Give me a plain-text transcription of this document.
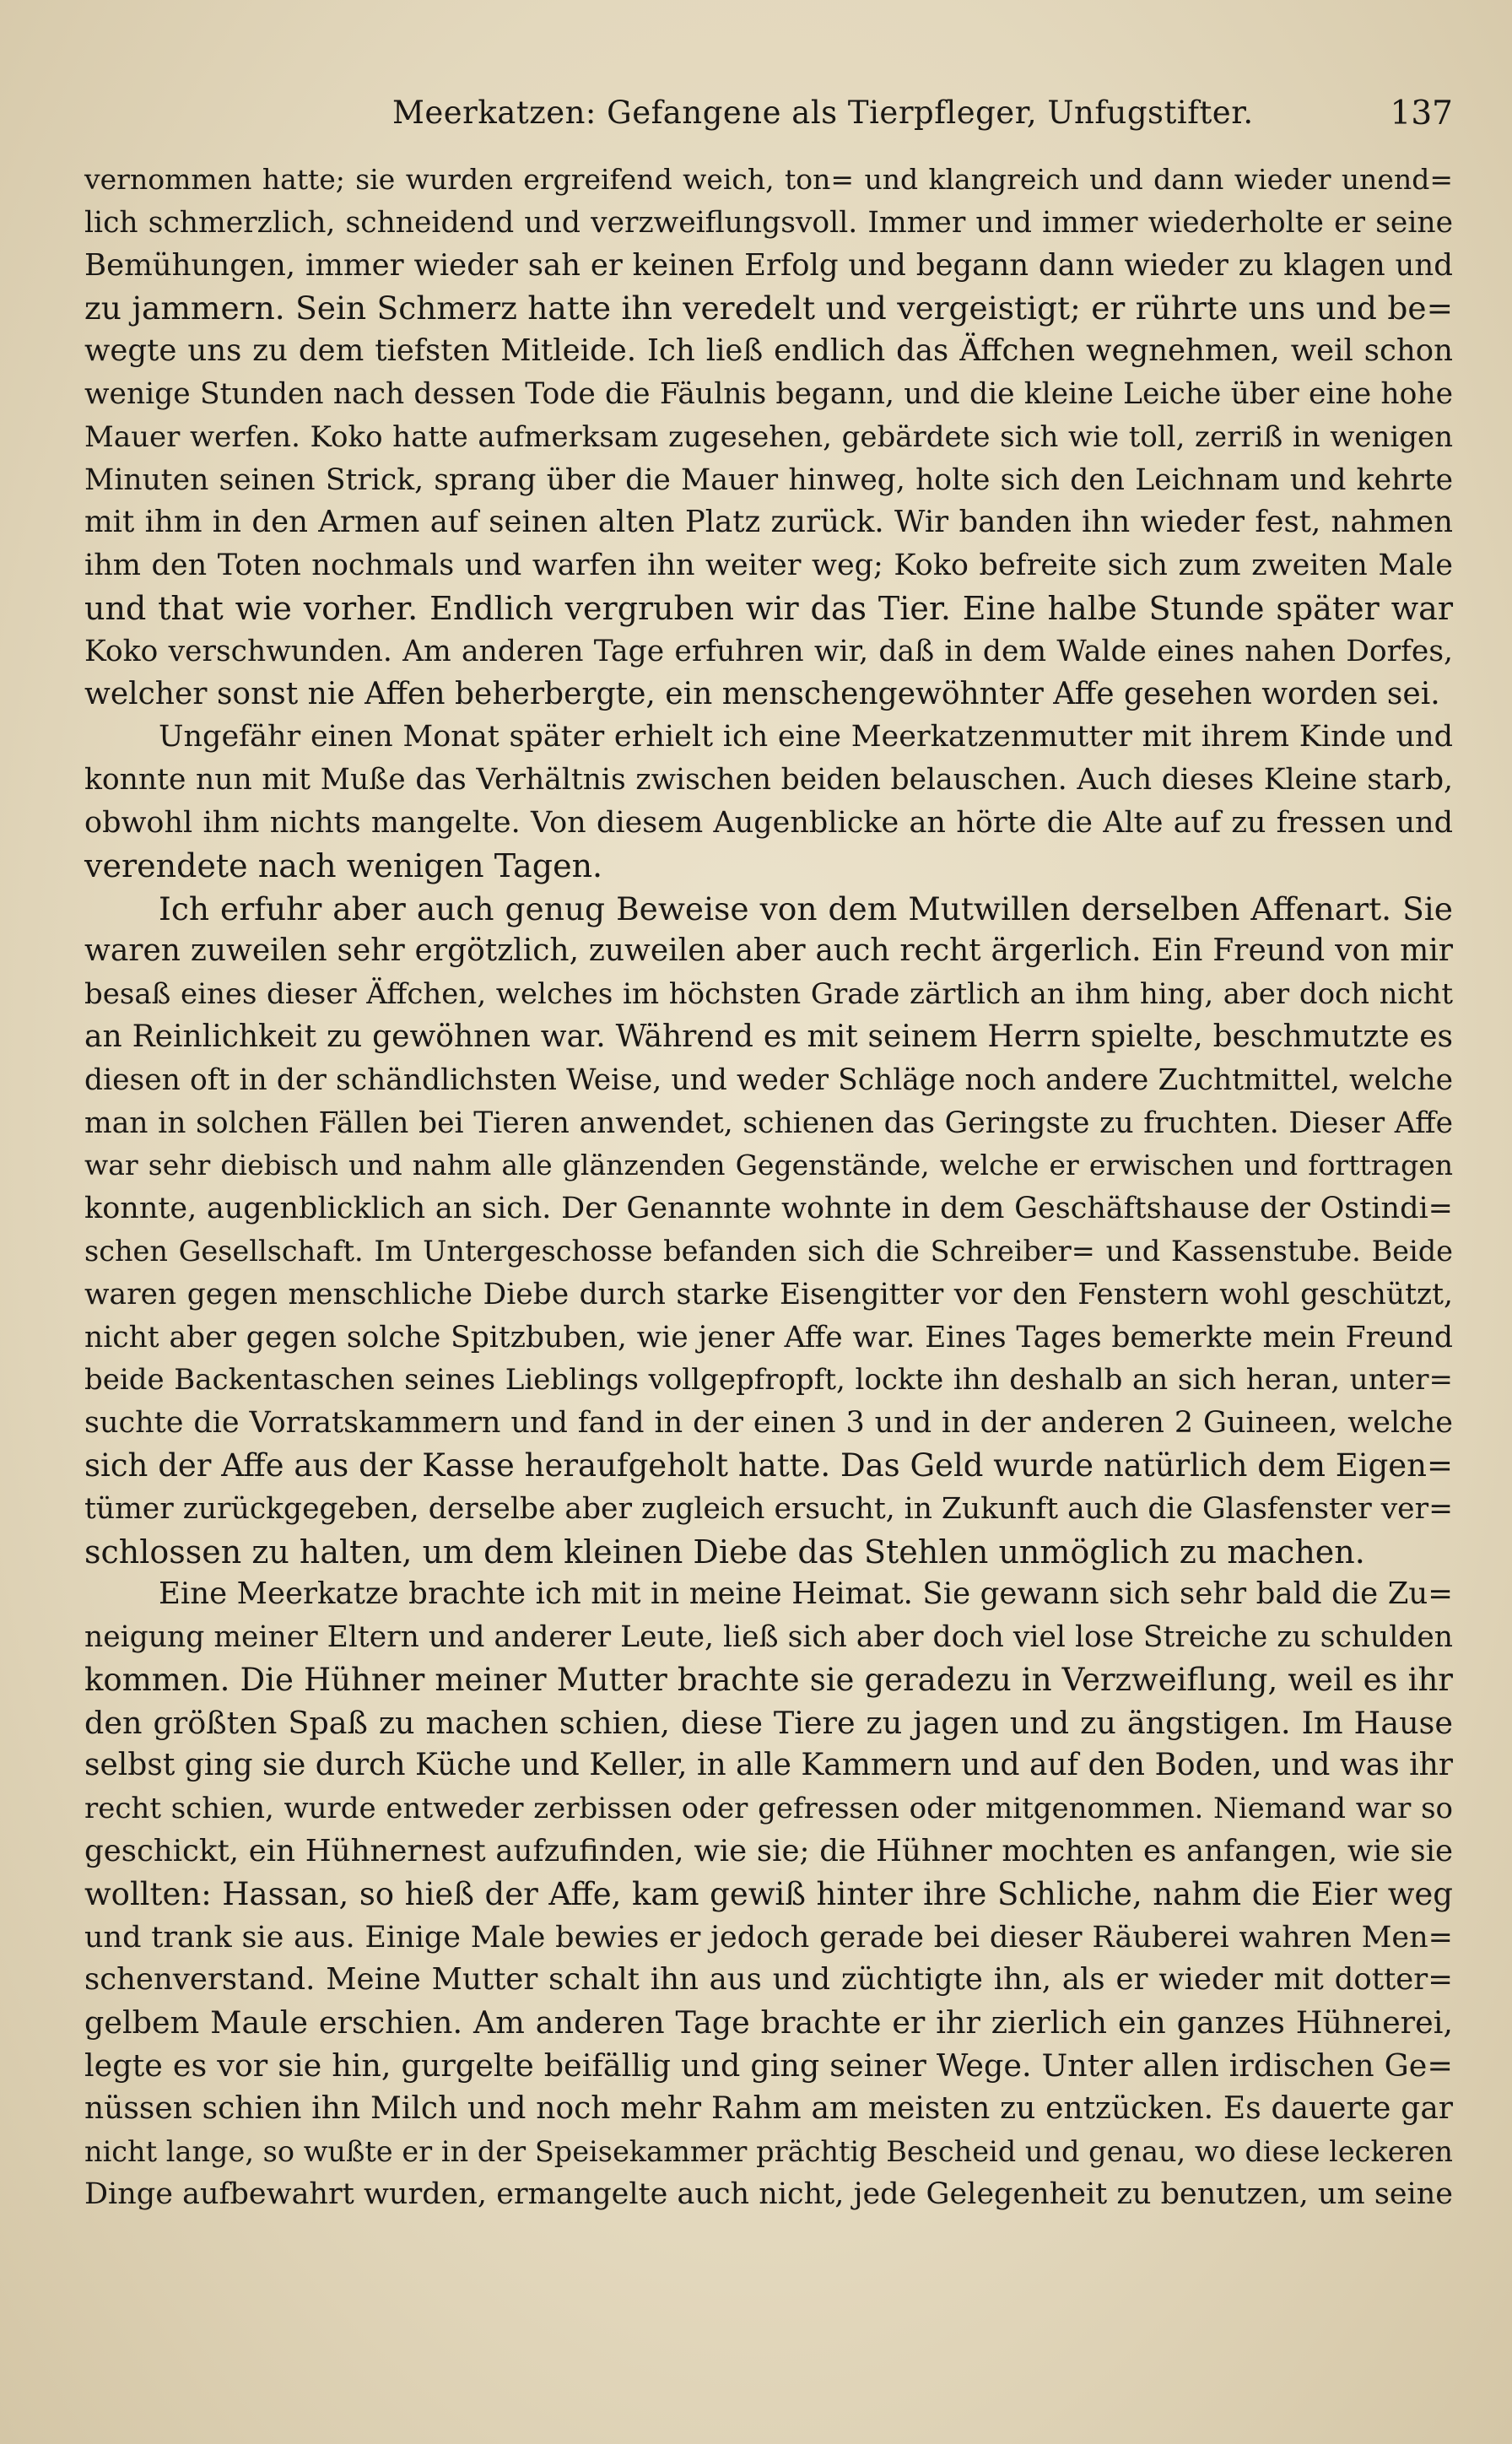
Meerkatzen: Gefangene als Tierpfleger, Unfugstifter.	137
vernommen hatte; sie wurden ergreifend weich, ton= und klangreich und dann wieder unend=
lich schmerzlich, schneidend und verzweiflungsvoll. Immer und immer wiederholte er seine
Bemühungen, immer wieder sah er keinen Erfolg und begann dann wieder zu klagen und
zu jammern. Sein Schmerz hatte ihn veredelt und vergeistigt; er rührte uns und be=
wegte uns zu dem tiefsten Mitleide. Ich ließ endlich das Äffchen wegnehmen, weil schon
wenige Stunden nach dessen Tode die Fäulnis begann, und die kleine Leiche über eine hohe
Mauer werfen. Koko hatte aufmerksam zugesehen, gebärdete sich wie toll, zerriß in wenigen
Minuten seinen Strick, sprang über die Mauer hinweg, holte sich den Leichnam und kehrte
mit ihm in den Armen auf seinen alten Platz zurück. Wir banden ihn wieder fest, nahmen
ihm den Toten nochmals und warfen ihn weiter weg; Koko befreite sich zum zweiten Male
und that wie vorher. Endlich vergruben wir das Tier. Eine halbe Stunde später war
Koko verschwunden. Am anderen Tage erfuhren wir, daß in dem Walde eines nahen Dorfes,
welcher sonst nie Affen beherbergte, ein menschengewöhnter Affe gesehen worden sei.
Ungefähr einen Monat später erhielt ich eine Meerkatzenmutter mit ihrem Kinde und
konnte nun mit Muße das Verhältnis zwischen beiden belauschen. Auch dieses Kleine starb,
obwohl ihm nichts mangelte. Von diesem Augenblicke an hörte die Alte auf zu fressen und
verendete nach wenigen Tagen.
Ich erfuhr aber auch genug Beweise von dem Mutwillen derselben Affenart. Sie
waren zuweilen sehr ergötzlich, zuweilen aber auch recht ärgerlich. Ein Freund von mir
besaß eines dieser Äffchen, welches im höchsten Grade zärtlich an ihm hing, aber doch nicht
an Reinlichkeit zu gewöhnen war. Während es mit seinem Herrn spielte, beschmutzte es
diesen oft in der schändlichsten Weise, und weder Schläge noch andere Zuchtmittel, welche
man in solchen Fällen bei Tieren anwendet, schienen das Geringste zu fruchten. Dieser Affe
war sehr diebisch und nahm alle glänzenden Gegenstände, welche er erwischen und forttragen
konnte, augenblicklich an sich. Der Genannte wohnte in dem Geschäftshause der Ostindi=
schen Gesellschaft. Im Untergeschosse befanden sich die Schreiber= und Kassenstube. Beide
waren gegen menschliche Diebe durch starke Eisengitter vor den Fenstern wohl geschützt,
nicht aber gegen solche Spitzbuben, wie jener Affe war. Eines Tages bemerkte mein Freund
beide Backentaschen seines Lieblings vollgepfropft, lockte ihn deshalb an sich heran, unter=
suchte die Vorratskammern und fand in der einen 3 und in der anderen 2 Guineen, welche
sich der Affe aus der Kasse heraufgeholt hatte. Das Geld wurde natürlich dem Eigen=
tümer zurückgegeben, derselbe aber zugleich ersucht, in Zukunft auch die Glasfenster ver=
schlossen zu halten, um dem kleinen Diebe das Stehlen unmöglich zu machen.
Eine Meerkatze brachte ich mit in meine Heimat. Sie gewann sich sehr bald die Zu=
neigung meiner Eltern und anderer Leute, ließ sich aber doch viel lose Streiche zu schulden
kommen. Die Hühner meiner Mutter brachte sie geradezu in Verzweiflung, weil es ihr
den größten Spaß zu machen schien, diese Tiere zu jagen und zu ängstigen. Im Hause
selbst ging sie durch Küche und Keller, in alle Kammern und auf den Boden, und was ihr
recht schien, wurde entweder zerbissen oder gefressen oder mitgenommen. Niemand war so
geschickt, ein Hühnernest aufzufinden, wie sie; die Hühner mochten es anfangen, wie sie
wollten: Hassan, so hieß der Affe, kam gewiß hinter ihre Schliche, nahm die Eier weg
und trank sie aus. Einige Male bewies er jedoch gerade bei dieser Räuberei wahren Men=
schenverstand. Meine Mutter schalt ihn aus und züchtigte ihn, als er wieder mit dotter=
gelbem Maule erschien. Am anderen Tage brachte er ihr zierlich ein ganzes Hühnerei,
legte es vor sie hin, gurgelte beifällig und ging seiner Wege. Unter allen irdischen Ge=
nüssen schien ihn Milch und noch mehr Rahm am meisten zu entzücken. Es dauerte gar
nicht lange, so wußte er in der Speisekammer prächtig Bescheid und genau, wo diese leckeren
Dinge aufbewahrt wurden, ermangelte auch nicht, jede Gelegenheit zu benutzen, um seine
